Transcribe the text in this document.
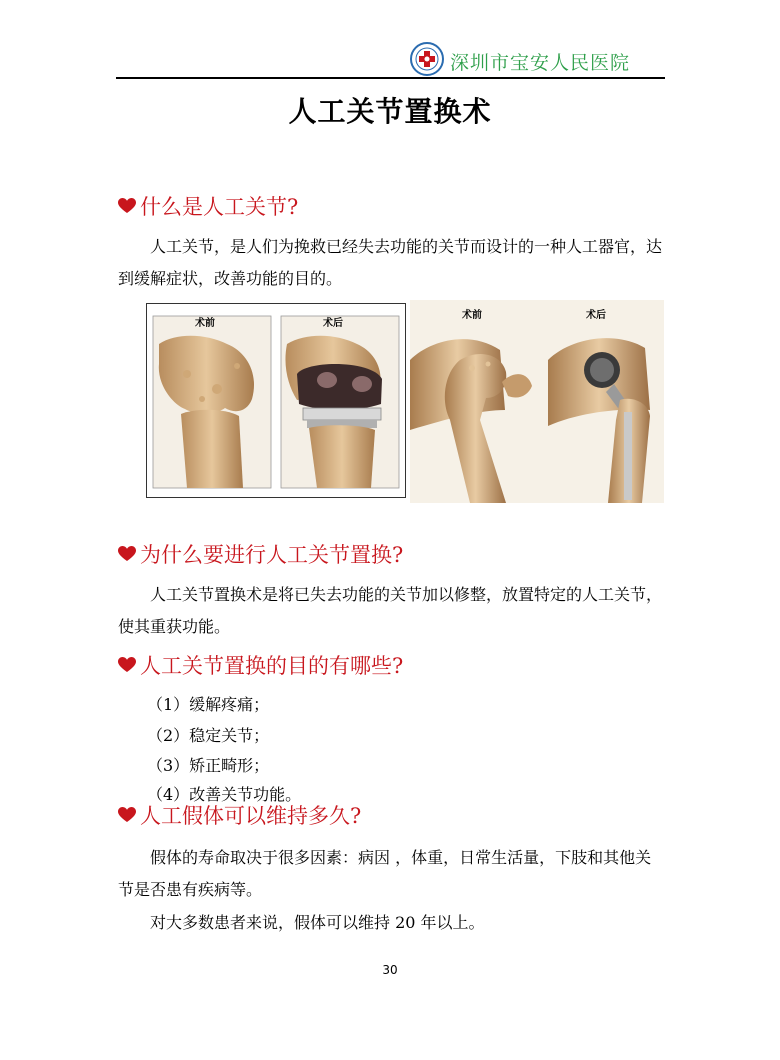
深圳市宝安人民医院
人工关节置换术
什么是人工关节?
人工关节，是人们为挽救已经失去功能的关节而设计的一种人工器官，达到缓解症状，改善功能的目的。
术前	术后
术前	术后
为什么要进行人工关节置换?
人工关节置换术是将已失去功能的关节加以修整，放置特定的人工关节，使其重获功能。
人工关节置换的目的有哪些?
（1）缓解疼痛；
（2）稳定关节；
（3）矫正畸形；
（4）改善关节功能。
人工假体可以维持多久?
假体的寿命取决于很多因素：病因 ，体重，日常生活量，下肢和其他关节是否患有疾病等。
对大多数患者来说，假体可以维持 20 年以上。
30
